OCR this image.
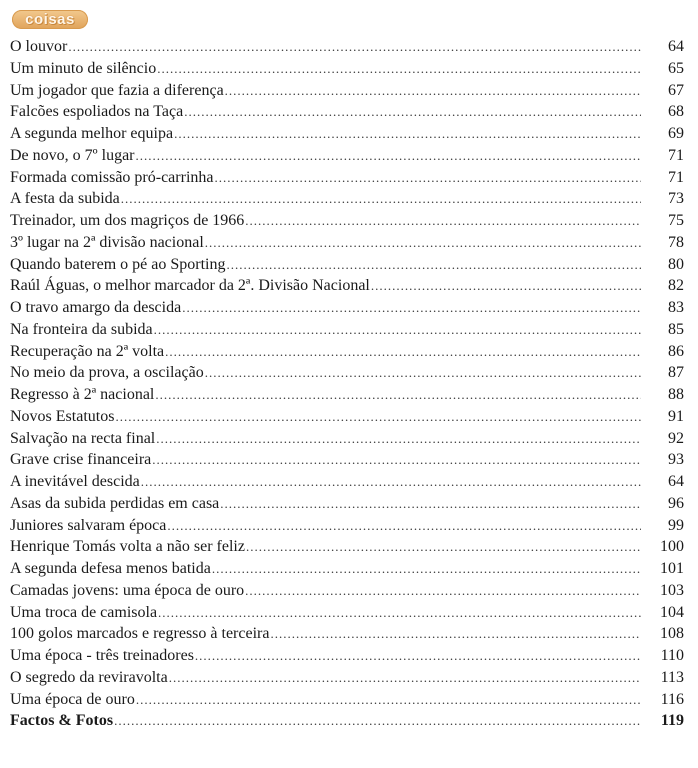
coisas
O louvor .....	64
Um minuto de silêncio .....	65
Um jogador que fazia a diferença .....	67
Falcões espoliados na Taça .....	68
A segunda melhor equipa .....	69
De novo, o 7º lugar .....	71
Formada comissão pró-carrinha .....	71
A festa da subida .....	73
Treinador, um dos magriços de 1966 .....	75
3º lugar na 2ª divisão nacional .....	78
Quando baterem o pé ao Sporting .....	80
Raúl Águas, o melhor marcador da 2ª. Divisão Nacional .....	82
O travo amargo da descida .....	83
Na fronteira da subida .....	85
Recuperação na 2ª volta .....	86
No meio da prova, a oscilação .....	87
Regresso à 2ª nacional .....	88
Novos Estatutos .....	91
Salvação na recta final .....	92
Grave crise financeira .....	93
A inevitável descida .....	64
Asas da subida perdidas em casa .....	96
Juniores salvaram época .....	99
Henrique Tomás volta a não ser feliz .....	100
A segunda defesa menos batida .....	101
Camadas jovens: uma época de ouro .....	103
Uma troca de camisola .....	104
100 golos marcados e regresso à terceira .....	108
Uma época - três treinadores .....	110
O segredo da reviravolta .....	113
Uma época de ouro .....	116
Factos & Fotos .....	119
